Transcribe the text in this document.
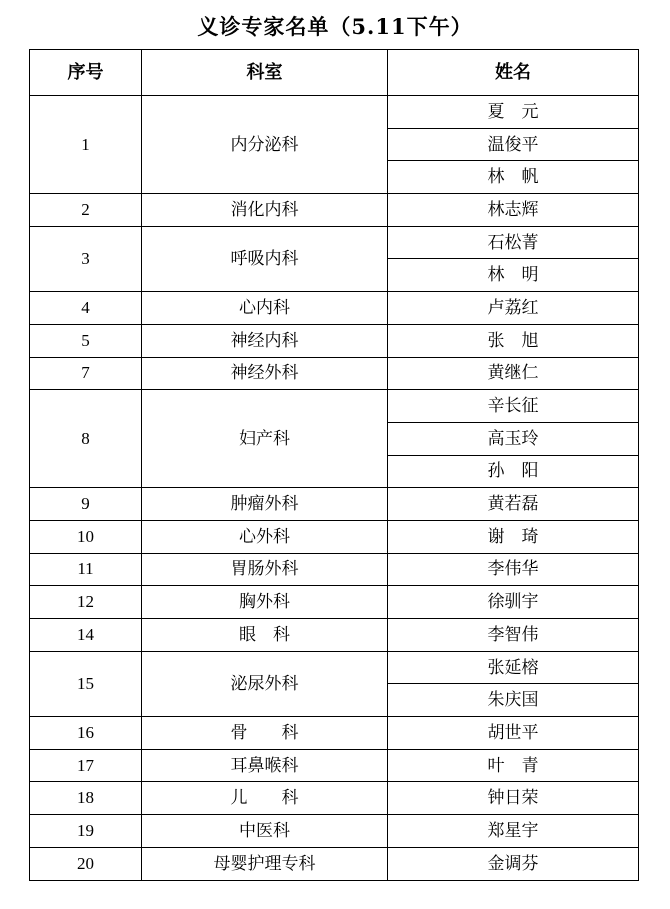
义诊专家名单（5.11下午）
序号	科室	姓名
1	内分泌科	夏　元
		温俊平
		林　帆
2	消化内科	林志辉
3	呼吸内科	石松菁
		林　明
4	心内科	卢荔红
5	神经内科	张　旭
7	神经外科	黄继仁
8	妇产科	辛长征
		高玉玲
		孙　阳
9	肿瘤外科	黄若磊
10	心外科	谢　琦
11	胃肠外科	李伟华
12	胸外科	徐驯宇
14	眼　科	李智伟
15	泌尿外科	张延榕
		朱庆国
16	骨　　科	胡世平
17	耳鼻喉科	叶　青
18	儿　　科	钟日荣
19	中医科	郑星宇
20	母婴护理专科	金调芬
